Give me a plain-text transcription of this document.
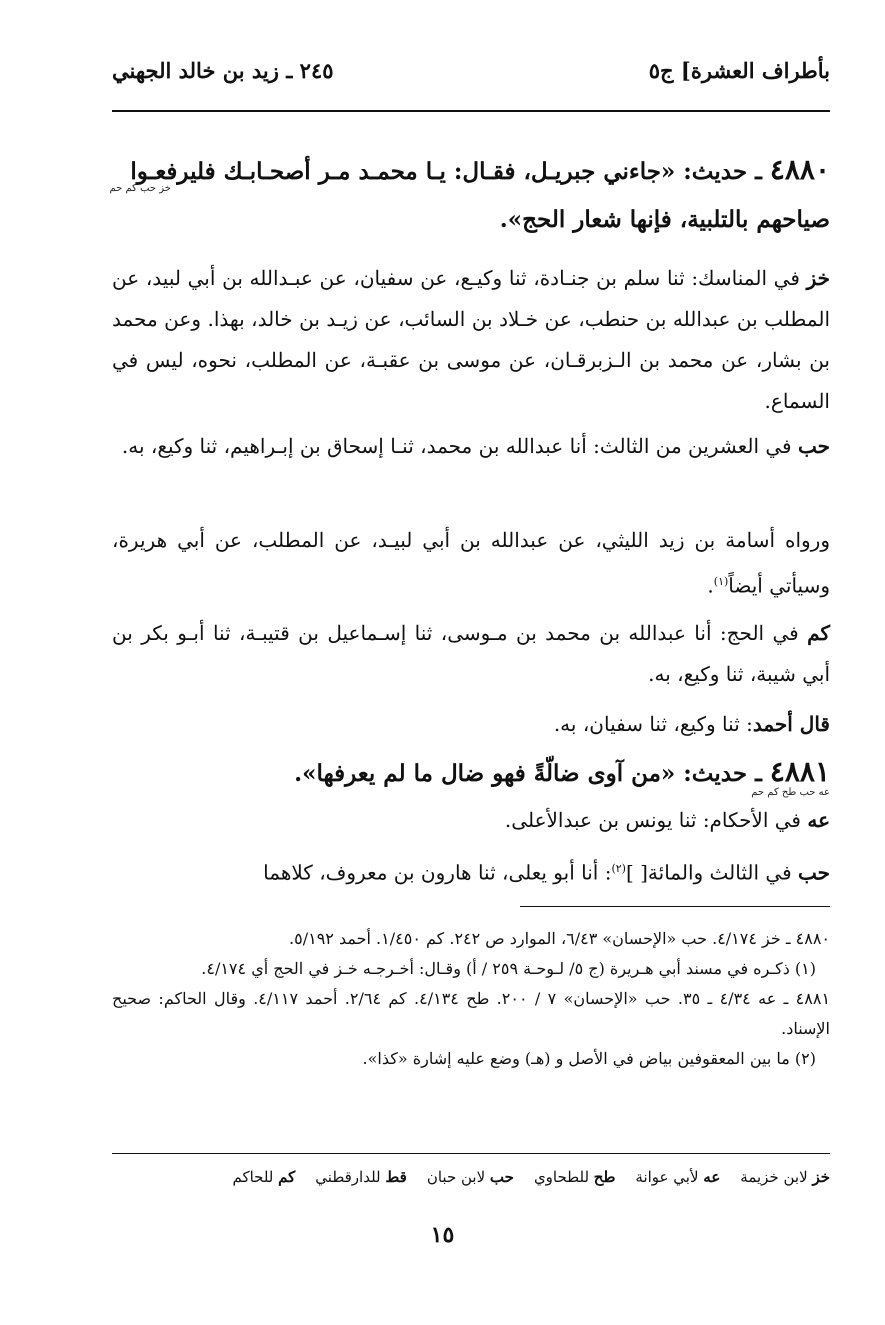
بأطراف العشرة] ج٥
٢٤٥ ـ زيد بن خالد الجهني
٤٨٨٠ ـ حديث: «جاءني جبريـل، فقـال: يـا محمـد مـر أصحـابـك فليرفعـوا
صياحهم بالتلبية، فإنها شعار الحج».
خز حب كم حم
خز في المناسك: ثنا سلم بن جنـادة، ثنا وكيـع، عن سفيان، عن عبـدالله بن أبي لبيد، عن المطلب بن عبدالله بن حنطب، عن خـلاد بن السائب، عن زيـد بن خالد، بهذا. وعن محمد بن بشار، عن محمد بن الـزبرقـان، عن موسى بن عقبـة، عن المطلب، نحوه، ليس في السماع.
حب في العشرين من الثالث: أنا عبدالله بن محمد، ثنـا إسحاق بن إبـراهيم، ثنا وكيع، به.
ورواه أسامة بن زيد الليثي، عن عبدالله بن أبي لبيـد، عن المطلب، عن أبي هريرة، وسيأتي أيضاً$^{(١)}$.
كم في الحج: أنا عبدالله بن محمد بن مـوسى، ثنا إسـماعيل بن قتيبـة، ثنا أبـو بكر بن أبي شيبة، ثنا وكيع، به.
قال أحمد: ثنا وكيع، ثنا سفيان، به.
٤٨٨١ ـ حديث: «من آوى ضالّةً فهو ضال ما لم يعرفها».
عه حب طح كم حم
عه في الأحكام: ثنا يونس بن عبدالأعلى.
حب في الثالث والمائة[ ]$^{(٢)}$: أنا أبو يعلى، ثنا هارون بن معروف، كلاهما
٤٨٨٠ ـ خز ٤/١٧٤. حب «الإحسان» ٦/٤٣، الموارد ص ٢٤٢. كم ١/٤٥٠. أحمد ٥/١٩٢.
(١) ذكـره في مسند أبي هـريرة (ج ٥/ لـوحـة ٢٥٩ / أ) وقـال: أخـرجـه خـز في الحج أي ٤/١٧٤.
٤٨٨١ ـ عه ٤/٣٤ ـ ٣٥. حب «الإحسان» ٧ / ٢٠٠. طح ٤/١٣٤. كم ٢/٦٤. أحمد ٤/١١٧. وقال الحاكم: صحيح الإسناد.
(٢) ما بين المعقوفين بياض في الأصل و (هـ) وضع عليه إشارة «كذا».
خز لابن خزيمة
عه لأبي عوانة
طح للطحاوي
حب لابن حبان
قط للدارقطني
كم للحاكم
١٥
